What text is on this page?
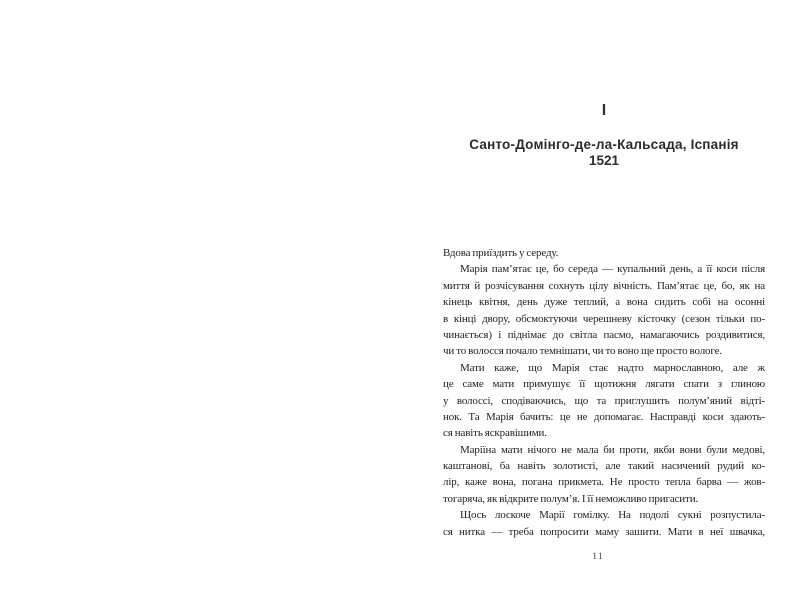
I
Санто-Домінго-де-ла-Кальсада, Іспанія
1521
Вдова приїздить у середу.
Марія пам’ятає це, бо середа — купальний день, а її коси після
миття й розчісування сохнуть цілу вічність. Пам’ятає це, бо, як на
кінець квітня, день дуже теплий, а вона сидить собі на осонні
в кінці двору, обсмоктуючи черешневу кісточку (сезон тільки по-
чинається) і піднімає до світла пасмо, намагаючись роздивитися,
чи то волосся почало темнішати, чи то воно ще просто вологе.
Мати каже, що Марія стає надто марнославною, але ж
це саме мати примушує її щотижня лягати спати з глиною
у волоссі, сподіваючись, що та приглушить полум’яний відті-
нок. Та Марія бачить: це не допомагає. Насправді коси здають-
ся навіть яскравішими.
Маріїна мати нічого не мала би проти, якби вони були медові,
каштанові, ба навіть золотисті, але такий насичений рудий ко-
лір, каже вона, погана прикмета. Не просто тепла барва — жов-
тогаряча, як відкрите полум’я. І її неможливо пригасити.
Щось лоскоче Марії гомілку. На подолі сукні розпустила-
ся нитка — треба попросити маму зашити. Мати в неї швачка,
11
